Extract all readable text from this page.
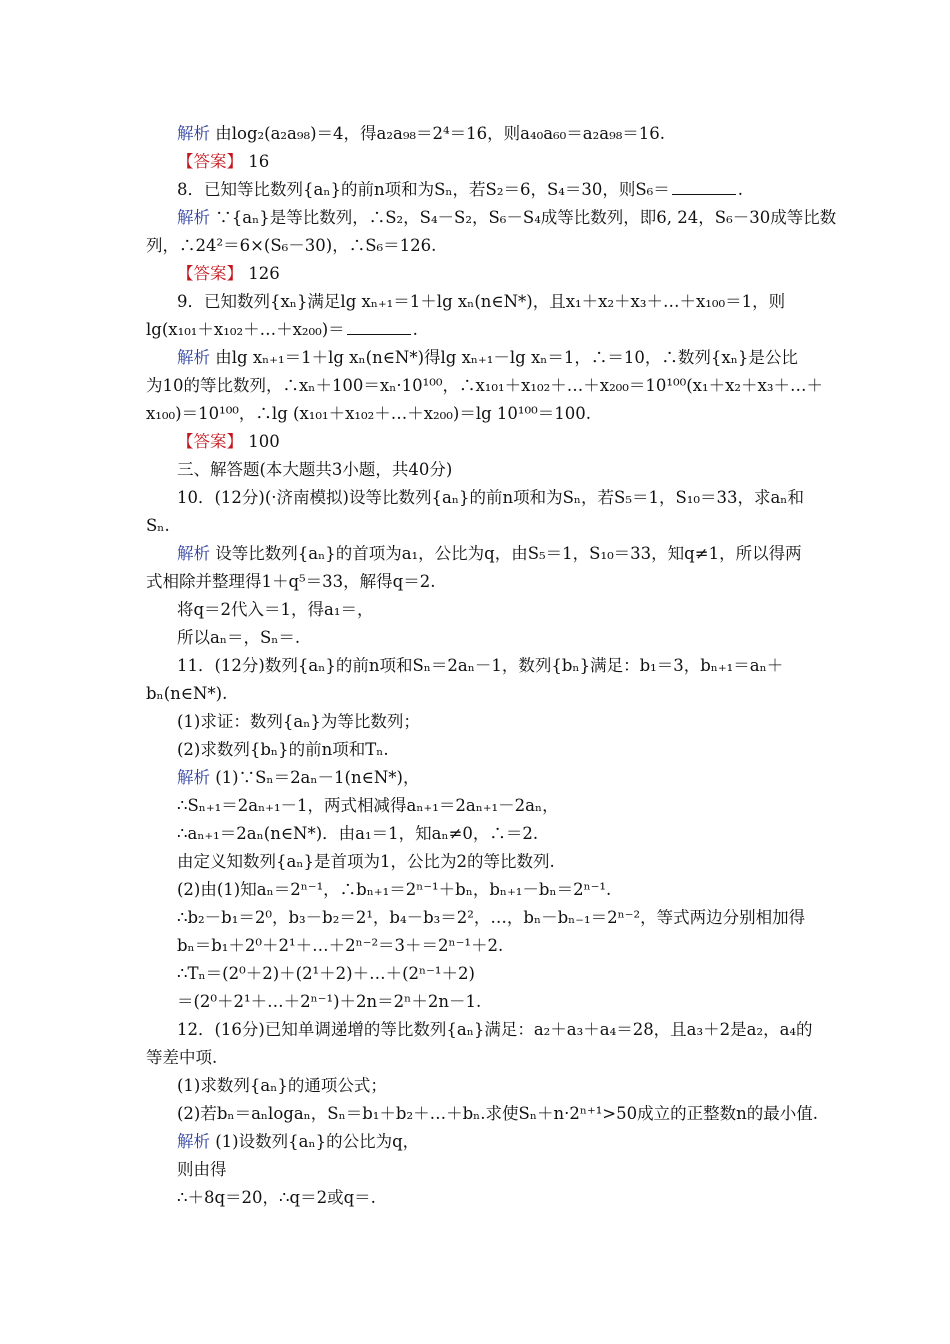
解析 由log₂(a₂a₉₈)＝4，得a₂a₉₈＝2⁴＝16，则a₄₀a₆₀＝a₂a₉₈＝16.
【答案】 16
8．已知等比数列{aₙ}的前n项和为Sₙ，若S₂＝6，S₄＝30，则S₆＝	.
解析 ∵{aₙ}是等比数列，∴S₂，S₄－S₂，S₆－S₄成等比数列，即6, 24，S₆－30成等比数
列，∴24²＝6×(S₆－30)，∴S₆＝126.
【答案】 126
9．已知数列{xₙ}满足lg xₙ₊₁＝1＋lg xₙ(n∈N*)，且x₁＋x₂＋x₃＋…＋x₁₀₀＝1，则
lg(x₁₀₁＋x₁₀₂＋…＋x₂₀₀)＝	.
解析 由lg xₙ₊₁＝1＋lg xₙ(n∈N*)得lg xₙ₊₁－lg xₙ＝1，∴＝10，∴数列{xₙ}是公比
为10的等比数列，∴xₙ＋100＝xₙ·10¹⁰⁰，∴x₁₀₁＋x₁₀₂＋…＋x₂₀₀＝10¹⁰⁰(x₁＋x₂＋x₃＋…＋
x₁₀₀)＝10¹⁰⁰，∴lg (x₁₀₁＋x₁₀₂＋…＋x₂₀₀)＝lg 10¹⁰⁰＝100.
【答案】 100
三、解答题(本大题共3小题，共40分)
10．(12分)(·济南模拟)设等比数列{aₙ}的前n项和为Sₙ，若S₅＝1，S₁₀＝33，求aₙ和
Sₙ.
解析 设等比数列{aₙ}的首项为a₁，公比为q，由S₅＝1，S₁₀＝33，知q≠1，所以得两
式相除并整理得1＋q⁵＝33，解得q＝2.
将q＝2代入＝1，得a₁＝，
所以aₙ＝，Sₙ＝.
11．(12分)数列{aₙ}的前n项和Sₙ＝2aₙ－1，数列{bₙ}满足：b₁＝3，bₙ₊₁＝aₙ＋
bₙ(n∈N*).
(1)求证：数列{aₙ}为等比数列；
(2)求数列{bₙ}的前n项和Tₙ.
解析 (1)∵Sₙ＝2aₙ－1(n∈N*)，
∴Sₙ₊₁＝2aₙ₊₁－1，两式相减得aₙ₊₁＝2aₙ₊₁－2aₙ，
∴aₙ₊₁＝2aₙ(n∈N*)．由a₁＝1，知aₙ≠0，∴＝2.
由定义知数列{aₙ}是首项为1，公比为2的等比数列.
(2)由(1)知aₙ＝2ⁿ⁻¹，∴bₙ₊₁＝2ⁿ⁻¹＋bₙ，bₙ₊₁－bₙ＝2ⁿ⁻¹.
∴b₂－b₁＝2⁰，b₃－b₂＝2¹，b₄－b₃＝2²，…，bₙ－bₙ₋₁＝2ⁿ⁻²，等式两边分别相加得
bₙ＝b₁＋2⁰＋2¹＋…＋2ⁿ⁻²＝3＋＝2ⁿ⁻¹＋2.
∴Tₙ＝(2⁰＋2)＋(2¹＋2)＋…＋(2ⁿ⁻¹＋2)
＝(2⁰＋2¹＋…＋2ⁿ⁻¹)＋2n＝2ⁿ＋2n－1.
12．(16分)已知单调递增的等比数列{aₙ}满足：a₂＋a₃＋a₄＝28，且a₃＋2是a₂，a₄的
等差中项.
(1)求数列{aₙ}的通项公式；
(2)若bₙ＝aₙlogaₙ，Sₙ＝b₁＋b₂＋…＋bₙ.求使Sₙ＋n·2ⁿ⁺¹>50成立的正整数n的最小值.
解析 (1)设数列{aₙ}的公比为q，
则由得
∴＋8q＝20，∴q＝2或q＝.
